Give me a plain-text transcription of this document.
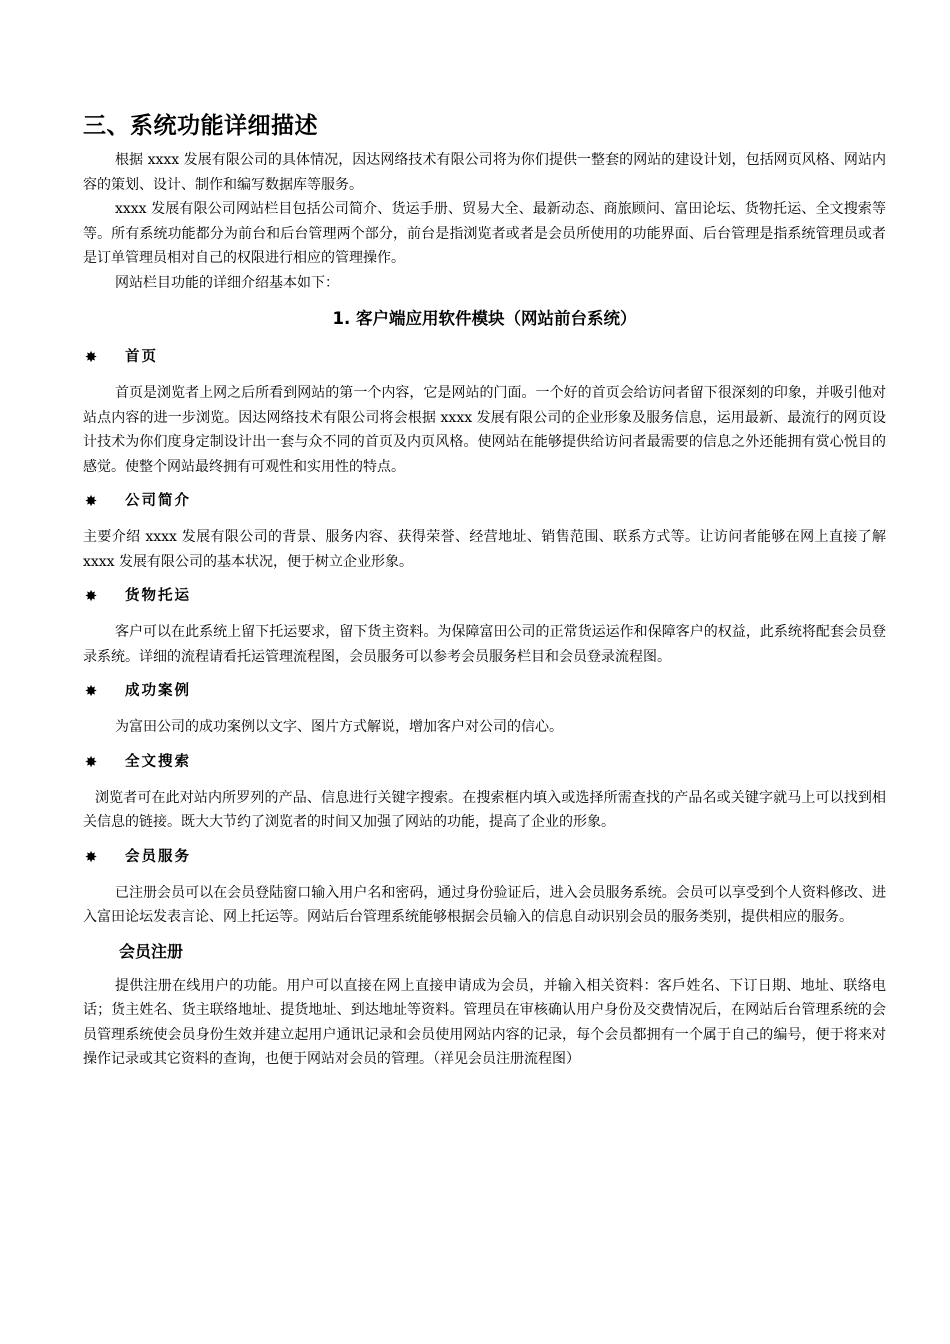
三、系统功能详细描述

根据 xxxx 发展有限公司的具体情况，因达网络技术有限公司将为你们提供一整套的网站的建设计划，包括网页风格、网站内容的策划、设计、制作和编写数据库等服务。

xxxx 发展有限公司网站栏目包括公司简介、货运手册、贸易大全、最新动态、商旅顾问、富田论坛、货物托运、全文搜索等等。所有系统功能都分为前台和后台管理两个部分，前台是指浏览者或者是会员所使用的功能界面、后台管理是指系统管理员或者是订单管理员相对自己的权限进行相应的管理操作。

网站栏目功能的详细介绍基本如下：

1. 客户端应用软件模块（网站前台系统）
✸ 首页

首页是浏览者上网之后所看到网站的第一个内容，它是网站的门面。一个好的首页会给访问者留下很深刻的印象，并吸引他对站点内容的进一步浏览。因达网络技术有限公司将会根据 xxxx 发展有限公司的企业形象及服务信息，运用最新、最流行的网页设计技术为你们度身定制设计出一套与众不同的首页及内页风格。使网站在能够提供给访问者最需要的信息之外还能拥有赏心悦目的感觉。使整个网站最终拥有可观性和实用性的特点。

✸ 公司简介

主要介绍 xxxx 发展有限公司的背景、服务内容、获得荣誉、经营地址、销售范围、联系方式等。让访问者能够在网上直接了解 xxxx 发展有限公司的基本状况，便于树立企业形象。

✸ 货物托运

客户可以在此系统上留下托运要求，留下货主资料。为保障富田公司的正常货运运作和保障客户的权益，此系统将配套会员登录系统。详细的流程请看托运管理流程图，会员服务可以参考会员服务栏目和会员登录流程图。

✸ 成功案例

为富田公司的成功案例以文字、图片方式解说，增加客户对公司的信心。

✸ 全文搜索

浏览者可在此对站内所罗列的产品、信息进行关键字搜索。在搜索框内填入或选择所需查找的产品名或关键字就马上可以找到相关信息的链接。既大大节约了浏览者的时间又加强了网站的功能，提高了企业的形象。

✸ 会员服务

已注册会员可以在会员登陆窗口输入用户名和密码，通过身份验证后，进入会员服务系统。会员可以享受到个人资料修改、进入富田论坛发表言论、网上托运等。网站后台管理系统能够根据会员输入的信息自动识别会员的服务类别，提供相应的服务。

会员注册

提供注册在线用户的功能。用户可以直接在网上直接申请成为会员，并输入相关资料：客戶姓名、下订日期、地址、联络电话；货主姓名、货主联络地址、提货地址、到达地址等资料。管理员在审核确认用户身份及交费情况后，在网站后台管理系统的会员管理系统使会员身份生效并建立起用户通讯记录和会员使用网站内容的记录，每个会员都拥有一个属于自己的编号，便于将来对操作记录或其它资料的查询，也便于网站对会员的管理。（祥见会员注册流程图）
